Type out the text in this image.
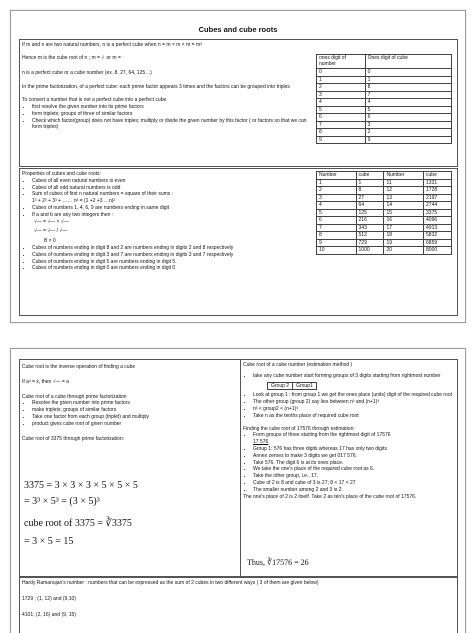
Cubes and cube roots

If m and n are two natural numbers, n is a perfect cube when n = m × m × m = m³

Hence m is the cube root of n ; m = √  or m = ·

n is a perfect cube or a cube number (ex. 8, 27, 64, 125…)

In the prime factorization, of a perfect cube: each prime factor appears 3 times and the factors can be grouped into triples

To convert a number that is not a perfect cube into a perfect cube

• first resolve the given number into its prime factors
• form triplets; groups of three of similar factors
• Check which factor(group) does not have triples; multiply or divide the given number by this factor ( or factors so that we can form triples)
ones digit of number	Ones digit of cube
0	0
1	1
2	8
3	7
4	4
5	5
6	6
7	3
8	2
9	9

Properties of cubes and cube roots:

• Cubes of all even natural numbers is even
• Cubes of all odd natural numbers is odd
• Sum of cubes of first n natural numbers = square of their sums :

1³ + 2³ + 3³ + …… n³ = (1 +2 +3 …n)²

• Cubes of numbers 1, 4, 6, 9 are numbers ending in same digit
• If a and b are any two integers then :

√— = √— × √—

√— = √— / √—

B ≠ 0

• Cubes of numbers ending in digit 8 and 2 are numbers ending in digits 2 and 8 respectively
• Cubes of numbers ending in digit 3 and 7 are numbers ending in digits 3 and 7 respectively
• Cubes of numbers ending in digit 5 are numbers ending in digit 5
• Cubes of numbers ending in digit 0 are numbers ending in digit 0
Number	cube	Number	cube
1	1	11	1331
2	8	12	1728
3	27	13	2197
4	64	14	2744
5	125	15	3375
6	216	16	4096
7	343	17	4913
8	512	18	5832
9	729	19	6859
10	1000	20	8000

Cube root is the inverse operation of finding a cube

If a³ = x, then √— = a

Cube root of a cube through prime factorization

• Resolve the given number into prime factors
• make triplets; groups of similar factors
• Take one factor from each group (triplet) and multiply
• product gives cube root of given number

Cube root of 3375 through prime factorization:

3375 = 3 × 3 × 3 × 5 × 5 × 5
= 3³ × 5³ = (3 × 5)³
cube root of 3375 = ∛3375
= 3 × 5 = 15

Cube root of a cube number (estimation method )

• take any cube number start forming groups of 3 digits starting from rightmost number
Group 2 Group1
• Look at group 1 : from group 1 we get the ones place (units) digit of the required cube root
• The other group (group 2) say lies between n³ and (n+1)³
• n³ < group2 < (n+1)³
• Take n as the tenths place of required cube root

Finding the cube root of 17576 through estimation:

• Form groups of three starting from the rightmost digit of 17576

17 576

• Group 1: 576 has three digits whereas 17 has only two digits
• Annex zeroes to make 3 digits we get 017 576.
• Take 576. The digit 6 is at its ones place.
• We take the one's place of the required cube root as 6.
• Take the other group, i.e., 17.
• Cube of 2 is 8 and cube of 3 is 27; 8 < 17 < 27
• The smaller number among 2 and 3 is 2.

The one's place of 2 is 2 itself. Take 2 as ten's place of the cube root of 17576.

Thus, ∛17576 = 26

Hardy Ramanujan's number : numbers that can be expressed as the sum of 2 cubes in two different ways ( 3 of them are given below)

1729 ; (1, 12) and (9,10)

4101; (2, 16) and (9, 15)
